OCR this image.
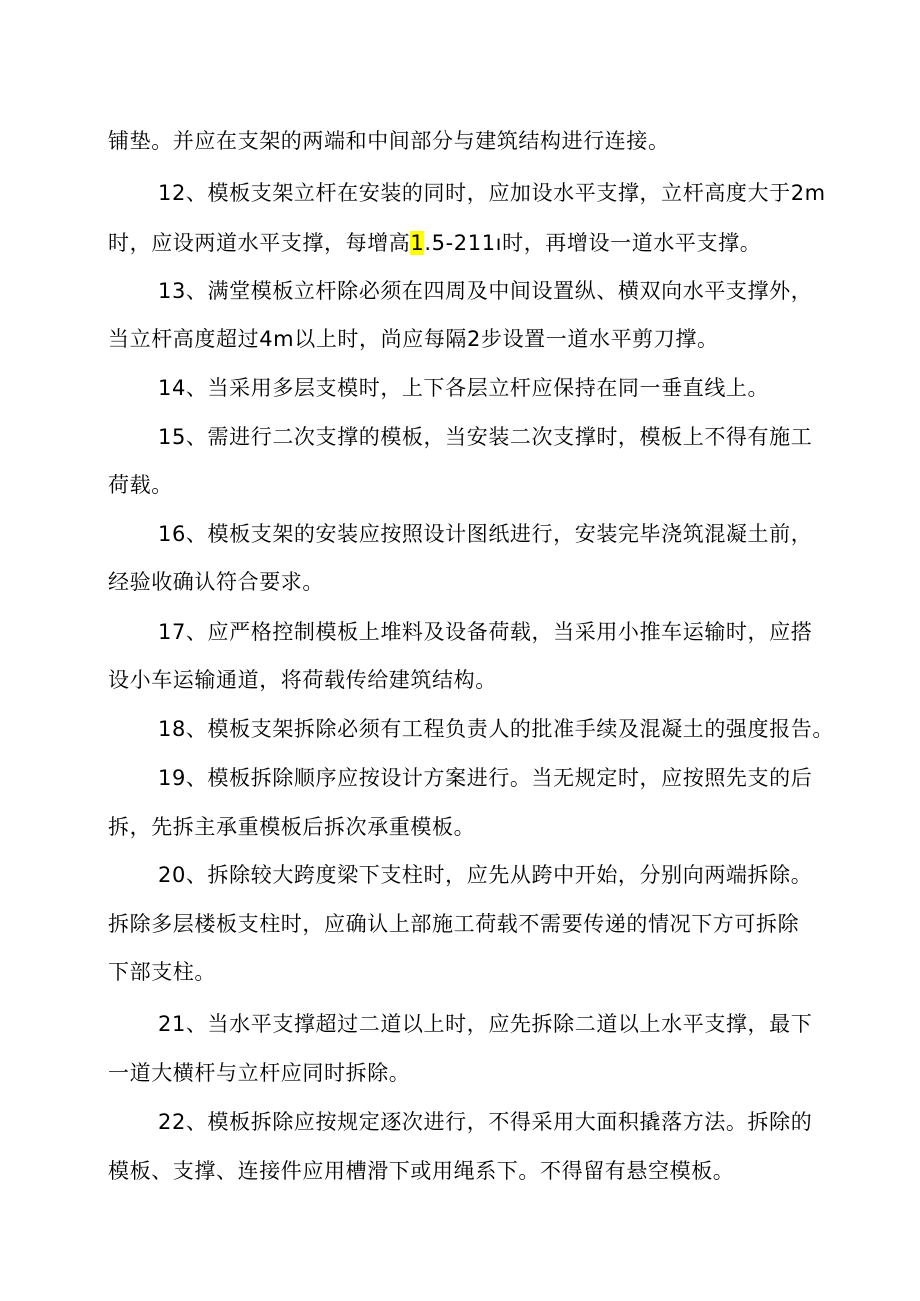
铺垫。并应在支架的两端和中间部分与建筑结构进行连接。
12、模板支架立杆在安装的同时，应加设水平支撑，立杆高度大于2m
时，应设两道水平支撑，每增高1.5-211ı时，再增设一道水平支撑。
13、满堂模板立杆除必须在四周及中间设置纵、横双向水平支撑外，
当立杆高度超过4m以上时，尚应每隔2步设置一道水平剪刀撑。
14、当采用多层支模时，上下各层立杆应保持在同一垂直线上。
15、需进行二次支撑的模板，当安装二次支撑时，模板上不得有施工
荷载。
16、模板支架的安装应按照设计图纸进行，安装完毕浇筑混凝土前，
经验收确认符合要求。
17、应严格控制模板上堆料及设备荷载，当采用小推车运输时，应搭
设小车运输通道，将荷载传给建筑结构。
18、模板支架拆除必须有工程负责人的批准手续及混凝土的强度报告。
19、模板拆除顺序应按设计方案进行。当无规定时，应按照先支的后
拆，先拆主承重模板后拆次承重模板。
20、拆除较大跨度梁下支柱时，应先从跨中开始，分别向两端拆除。
拆除多层楼板支柱时，应确认上部施工荷载不需要传递的情况下方可拆除
下部支柱。
21、当水平支撑超过二道以上时，应先拆除二道以上水平支撑，最下
一道大横杆与立杆应同时拆除。
22、模板拆除应按规定逐次进行，不得采用大面积撬落方法。拆除的
模板、支撑、连接件应用槽滑下或用绳系下。不得留有悬空模板。
